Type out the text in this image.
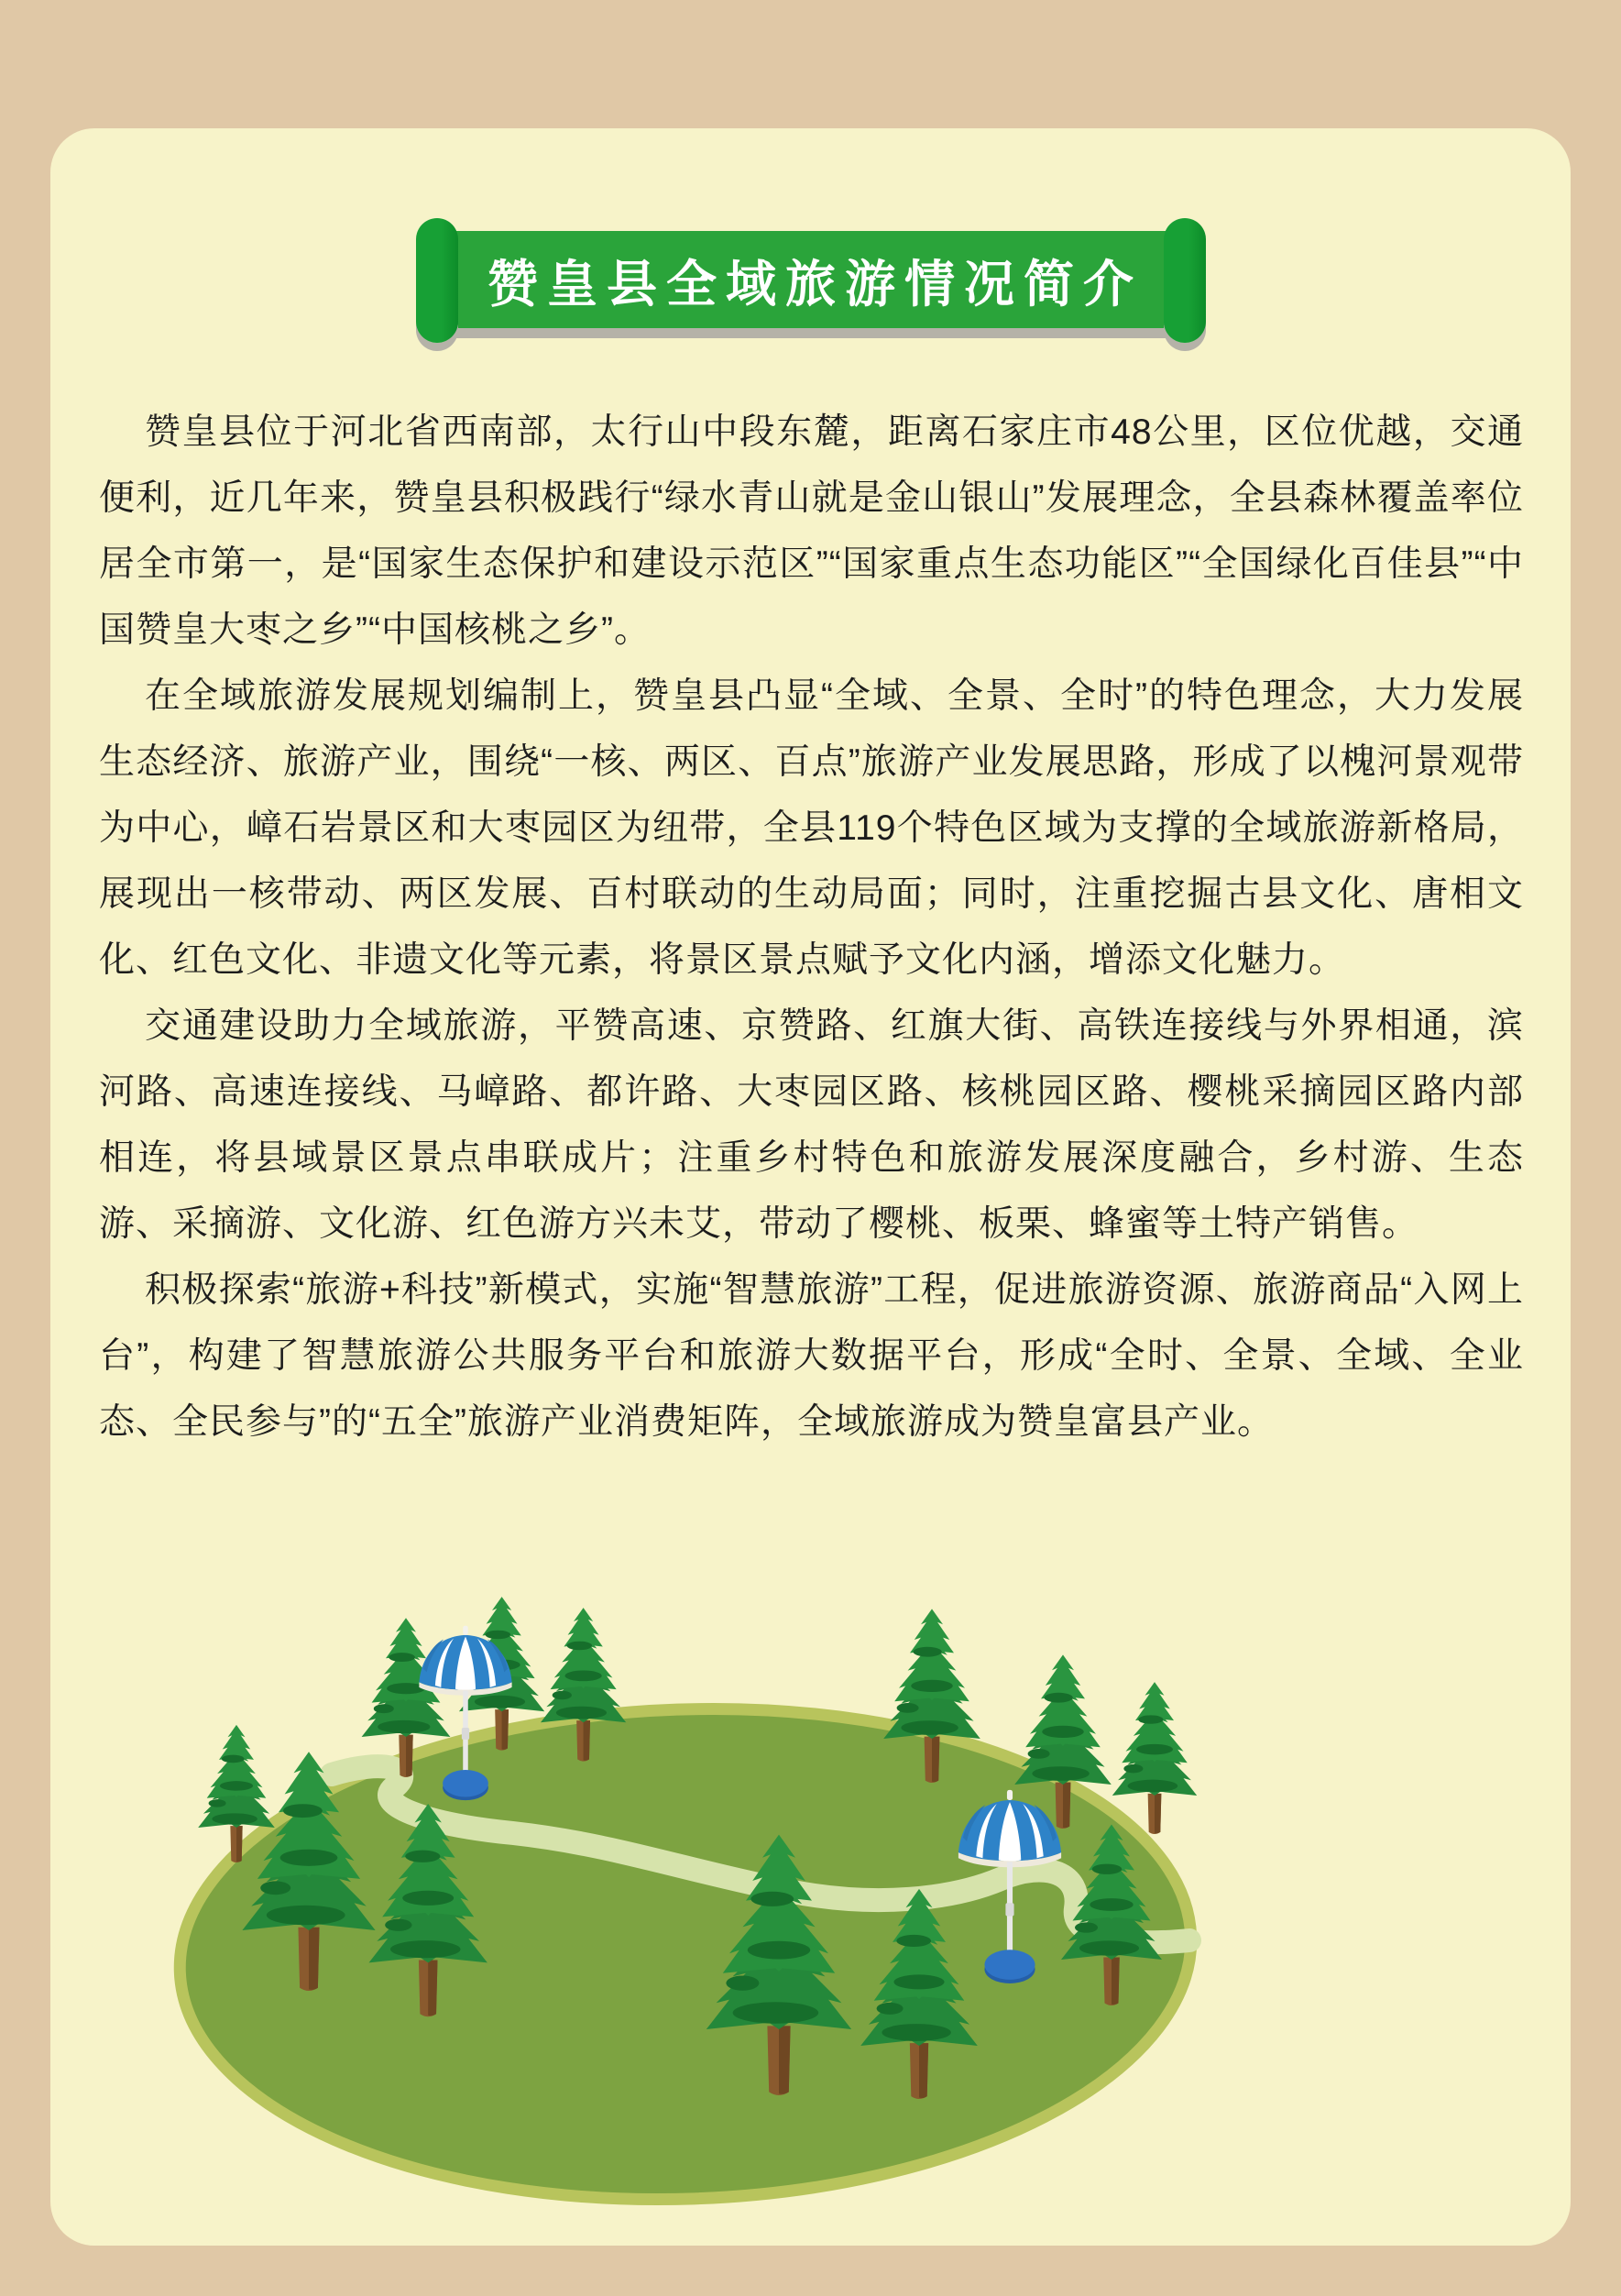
赞皇县全域旅游情况简介

赞皇县位于河北省西南部，太行山中段东麓，距离石家庄市48公里，区位优越，交通便利，近几年来，赞皇县积极践行“绿水青山就是金山银山”发展理念，全县森林覆盖率位居全市第一，是“国家生态保护和建设示范区”“国家重点生态功能区”“全国绿化百佳县”“中国赞皇大枣之乡”“中国核桃之乡”。

在全域旅游发展规划编制上，赞皇县凸显“全域、全景、全时”的特色理念，大力发展生态经济、旅游产业，围绕“一核、两区、百点”旅游产业发展思路，形成了以槐河景观带为中心，嶂石岩景区和大枣园区为纽带，全县119个特色区域为支撑的全域旅游新格局，展现出一核带动、两区发展、百村联动的生动局面；同时，注重挖掘古县文化、唐相文化、红色文化、非遗文化等元素，将景区景点赋予文化内涵，增添文化魅力。

交通建设助力全域旅游，平赞高速、京赞路、红旗大街、高铁连接线与外界相通，滨河路、高速连接线、马嶂路、都许路、大枣园区路、核桃园区路、樱桃采摘园区路内部相连，将县域景区景点串联成片；注重乡村特色和旅游发展深度融合，乡村游、生态游、采摘游、文化游、红色游方兴未艾，带动了樱桃、板栗、蜂蜜等土特产销售。

积极探索“旅游+科技”新模式，实施“智慧旅游”工程，促进旅游资源、旅游商品“入网上台”，构建了智慧旅游公共服务平台和旅游大数据平台，形成“全时、全景、全域、全业态、全民参与”的“五全”旅游产业消费矩阵，全域旅游成为赞皇富县产业。
